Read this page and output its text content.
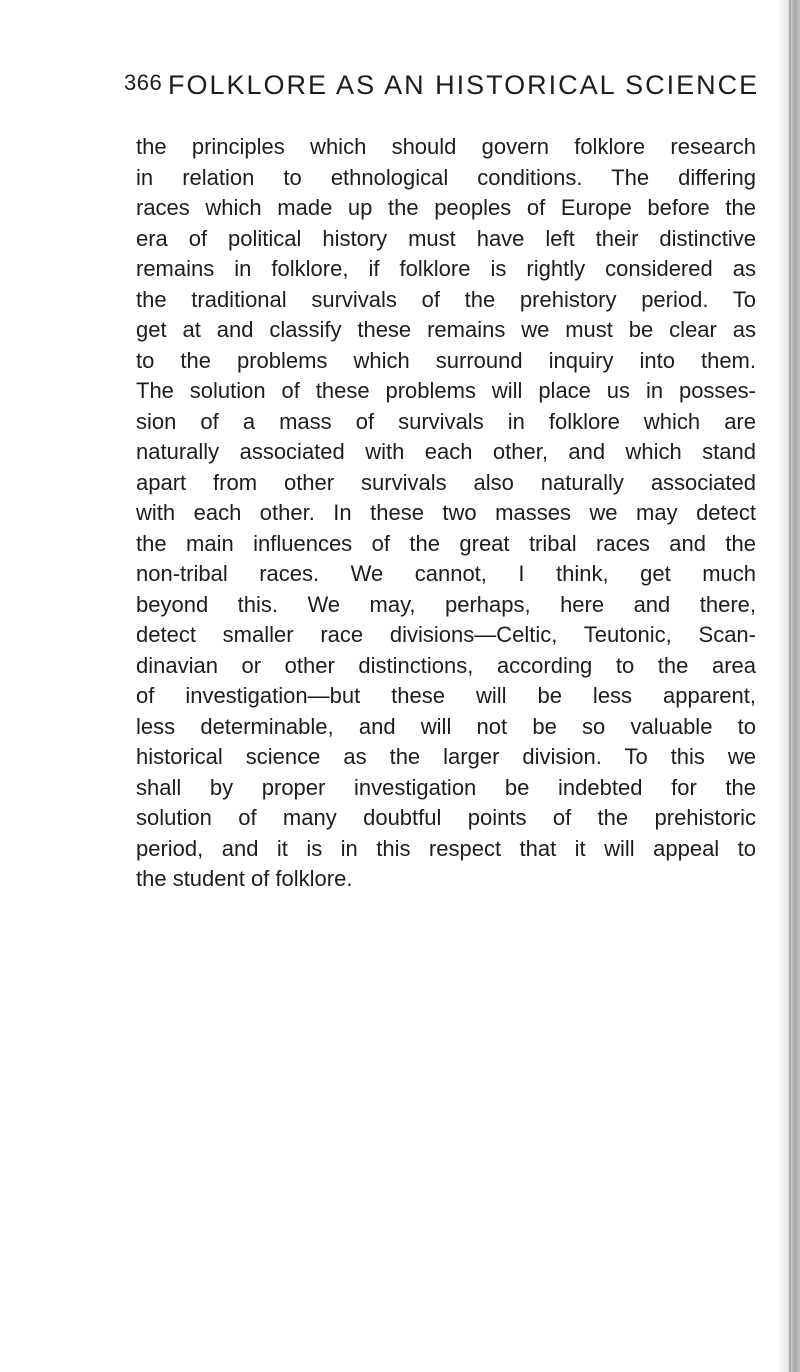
366 FOLKLORE AS AN HISTORICAL SCIENCE
the principles which should govern folklore research
in relation to ethnological conditions. The differing
races which made up the peoples of Europe before the
era of political history must have left their distinctive
remains in folklore, if folklore is rightly considered as
the traditional survivals of the prehistory period. To
get at and classify these remains we must be clear as
to the problems which surround inquiry into them.
The solution of these problems will place us in posses-
sion of a mass of survivals in folklore which are
naturally associated with each other, and which stand
apart from other survivals also naturally associated
with each other. In these two masses we may detect
the main influences of the great tribal races and the
non-tribal races. We cannot, I think, get much
beyond this. We may, perhaps, here and there,
detect smaller race divisions—Celtic, Teutonic, Scan-
dinavian or other distinctions, according to the area
of investigation—but these will be less apparent,
less determinable, and will not be so valuable to
historical science as the larger division. To this we
shall by proper investigation be indebted for the
solution of many doubtful points of the prehistoric
period, and it is in this respect that it will appeal to
the student of folklore.
